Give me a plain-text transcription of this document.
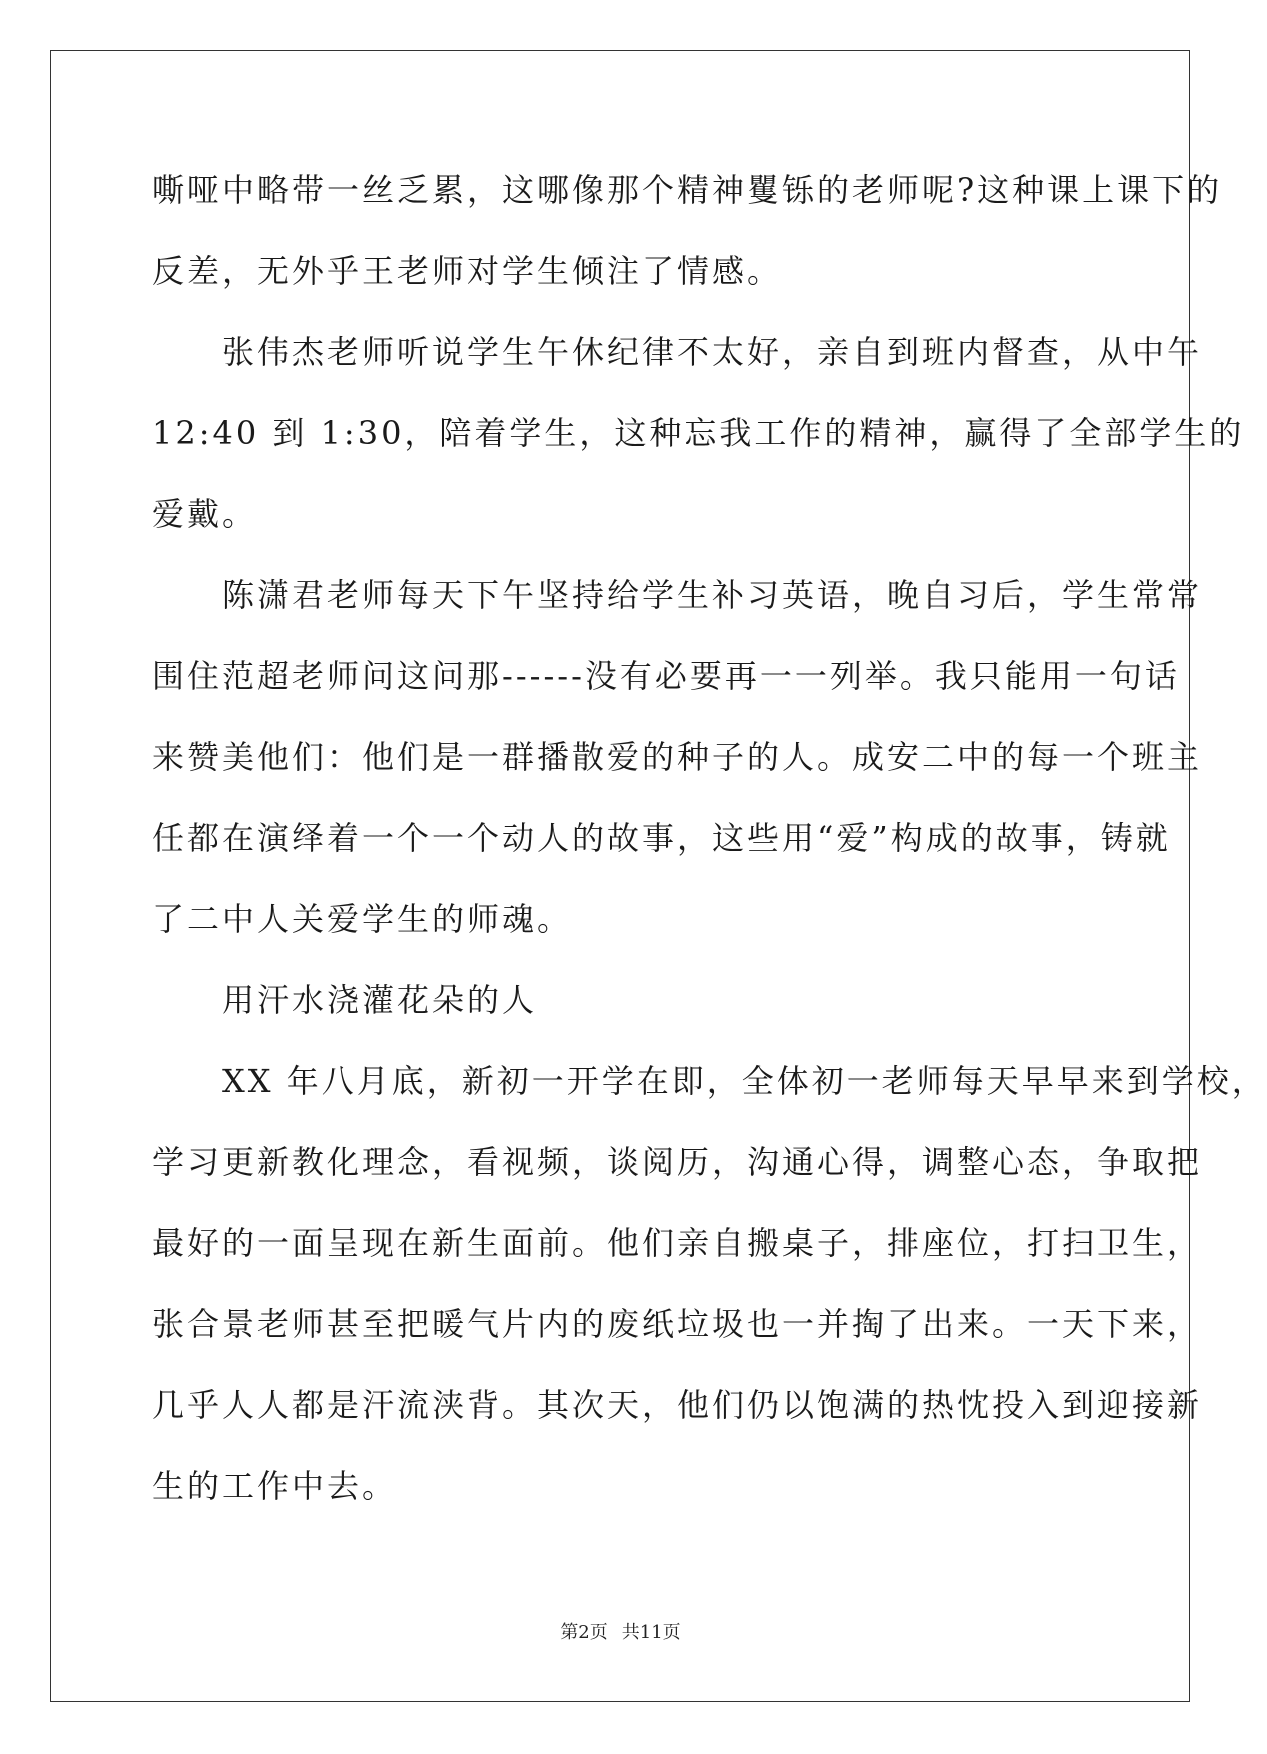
嘶哑中略带一丝乏累，这哪像那个精神矍铄的老师呢?这种课上课下的
反差，无外乎王老师对学生倾注了情感。
　　张伟杰老师听说学生午休纪律不太好，亲自到班内督查，从中午
12:40 到 1:30，陪着学生，这种忘我工作的精神，赢得了全部学生的
爱戴。
　　陈潇君老师每天下午坚持给学生补习英语，晚自习后，学生常常
围住范超老师问这问那------没有必要再一一列举。我只能用一句话
来赞美他们：他们是一群播散爱的种子的人。成安二中的每一个班主
任都在演绎着一个一个动人的故事，这些用“爱”构成的故事，铸就
了二中人关爱学生的师魂。
　　用汗水浇灌花朵的人
　　XX 年八月底，新初一开学在即，全体初一老师每天早早来到学校，
学习更新教化理念，看视频，谈阅历，沟通心得，调整心态，争取把
最好的一面呈现在新生面前。他们亲自搬桌子，排座位，打扫卫生，
张合景老师甚至把暖气片内的废纸垃圾也一并掏了出来。一天下来，
几乎人人都是汗流浃背。其次天，他们仍以饱满的热忱投入到迎接新
生的工作中去。
第2页 共11页
